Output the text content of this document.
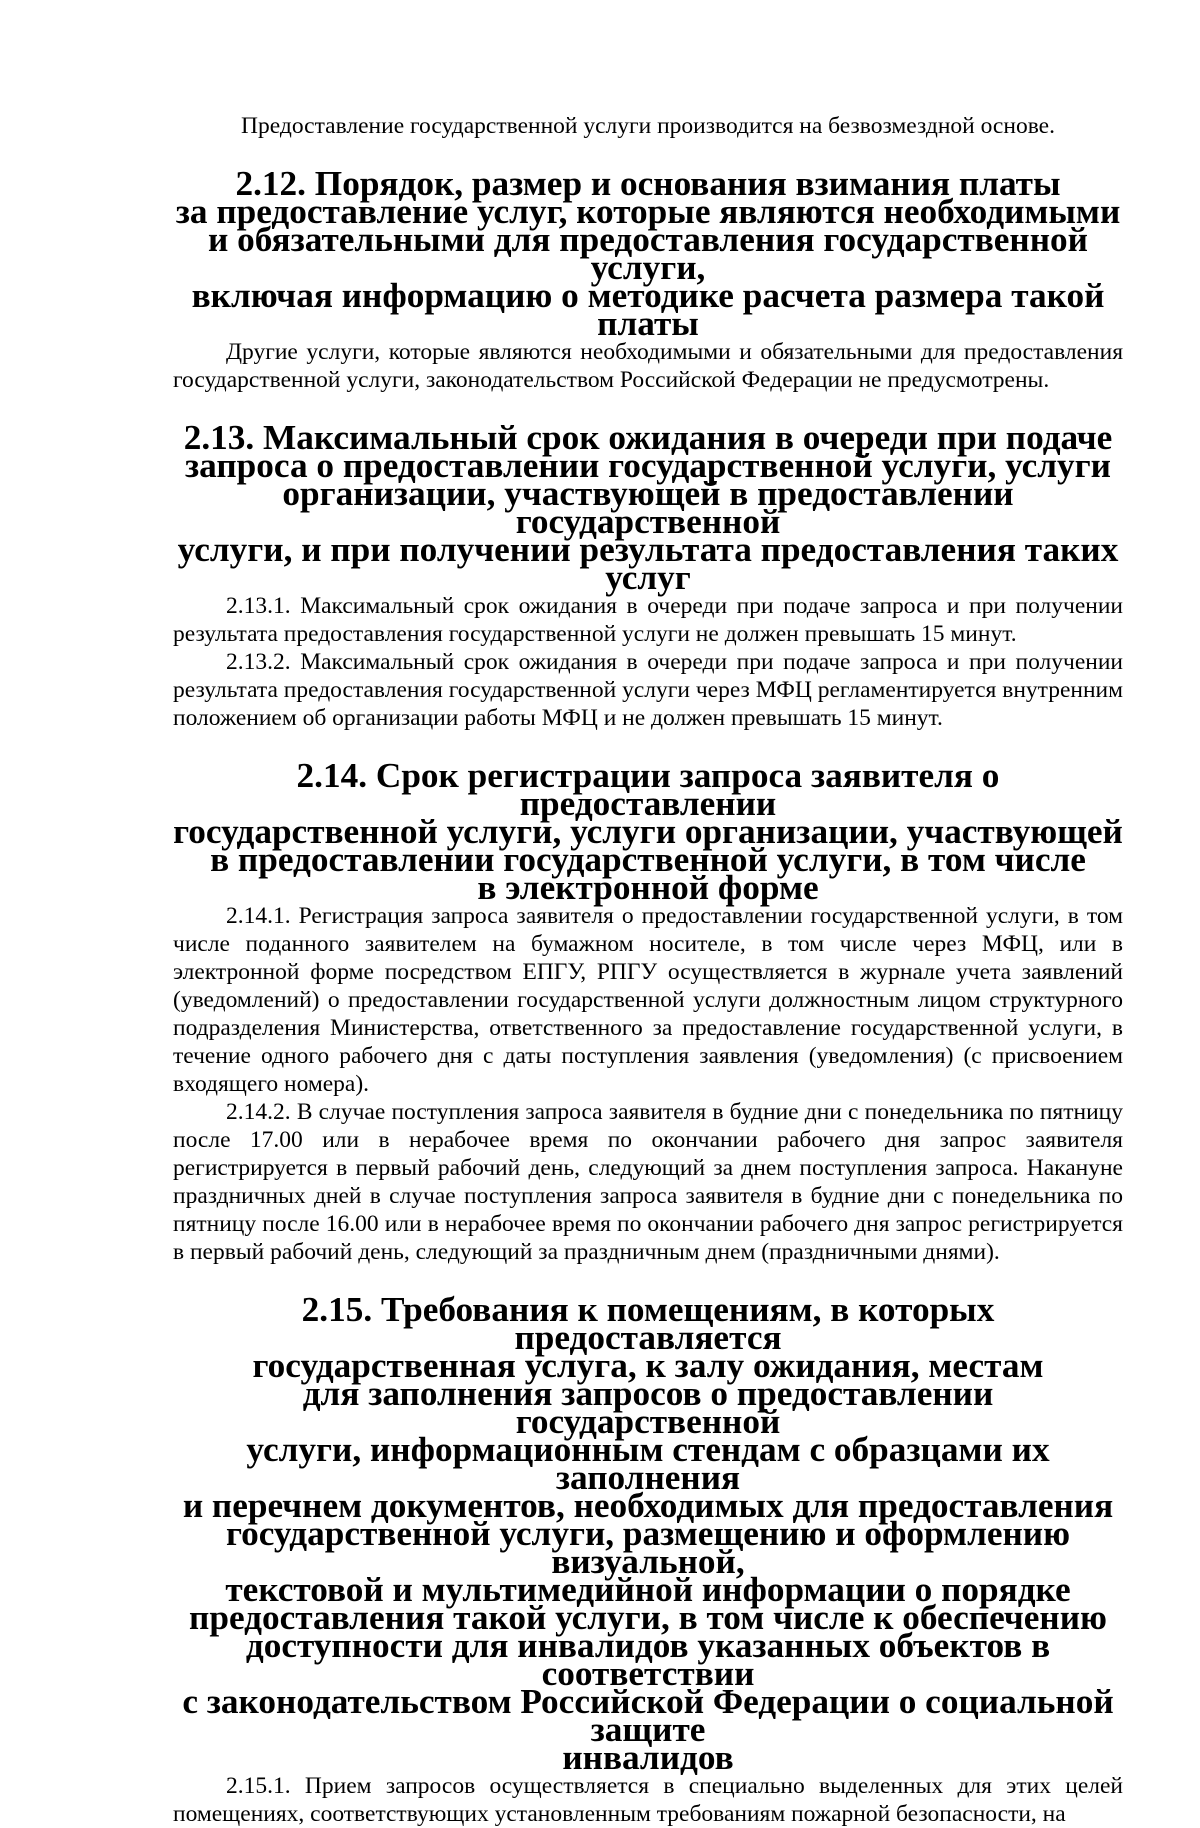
Предоставление государственной услуги производится на безвозмездной основе.

2.12. Порядок, размер и основания взимания платы
за предоставление услуг, которые являются необходимыми
и обязательными для предоставления государственной услуги,
включая информацию о методике расчета размера такой платы

Другие услуги, которые являются необходимыми и обязательными для предоставления государственной услуги, законодательством Российской Федерации не предусмотрены.

2.13. Максимальный срок ожидания в очереди при подаче
запроса о предоставлении государственной услуги, услуги
организации, участвующей в предоставлении государственной
услуги, и при получении результата предоставления таких
услуг

2.13.1. Максимальный срок ожидания в очереди при подаче запроса и при получении результата предоставления государственной услуги не должен превышать 15 минут.

2.13.2. Максимальный срок ожидания в очереди при подаче запроса и при получении результата предоставления государственной услуги через МФЦ регламентируется внутренним положением об организации работы МФЦ и не должен превышать 15 минут.

2.14. Срок регистрации запроса заявителя о предоставлении
государственной услуги, услуги организации, участвующей
в предоставлении государственной услуги, в том числе
в электронной форме

2.14.1. Регистрация запроса заявителя о предоставлении государственной услуги, в том числе поданного заявителем на бумажном носителе, в том числе через МФЦ, или в электронной форме посредством ЕПГУ, РПГУ осуществляется в журнале учета заявлений (уведомлений) о предоставлении государственной услуги должностным лицом структурного подразделения Министерства, ответственного за предоставление государственной услуги, в течение одного рабочего дня с даты поступления заявления (уведомления) (с присвоением входящего номера).

2.14.2. В случае поступления запроса заявителя в будние дни с понедельника по пятницу после 17.00 или в нерабочее время по окончании рабочего дня запрос заявителя регистрируется в первый рабочий день, следующий за днем поступления запроса. Накануне праздничных дней в случае поступления запроса заявителя в будние дни с понедельника по пятницу после 16.00 или в нерабочее время по окончании рабочего дня запрос регистрируется в первый рабочий день, следующий за праздничным днем (праздничными днями).

2.15. Требования к помещениям, в которых предоставляется
государственная услуга, к залу ожидания, местам
для заполнения запросов о предоставлении государственной
услуги, информационным стендам с образцами их заполнения
и перечнем документов, необходимых для предоставления
государственной услуги, размещению и оформлению визуальной,
текстовой и мультимедийной информации о порядке
предоставления такой услуги, в том числе к обеспечению
доступности для инвалидов указанных объектов в соответствии
с законодательством Российской Федерации о социальной защите
инвалидов

2.15.1. Прием запросов осуществляется в специально выделенных для этих целей помещениях, соответствующих установленным требованиям пожарной безопасности, на
